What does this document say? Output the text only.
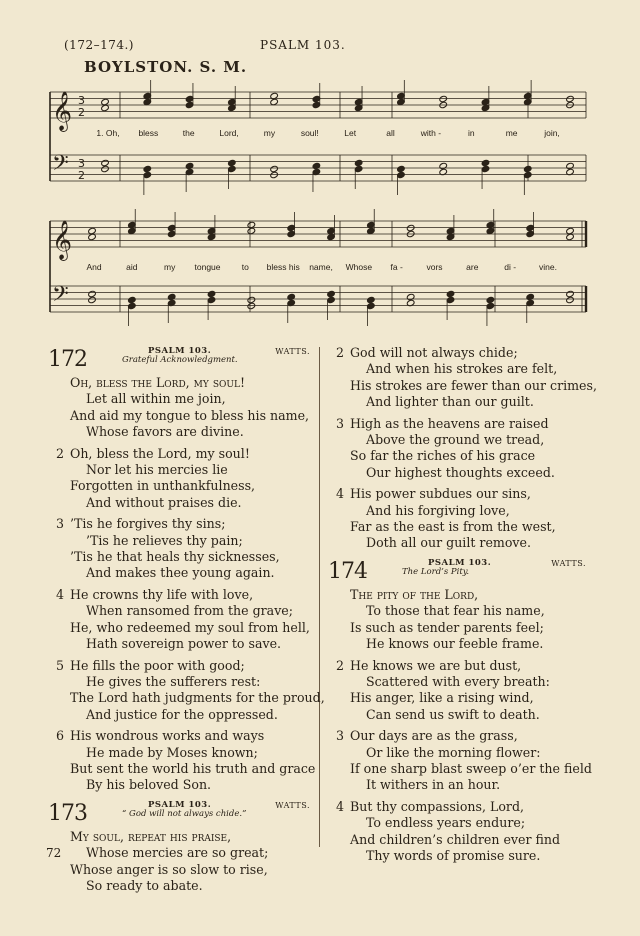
(172–174.)	PSALM 103.
BOYLSTON. S. M.
𝄞
𝄢
3
2
3
2
𝄞
𝄢
1. Oh, bless	the	Lord,	my	soul!	Let	all	with -	in	me	join,
And	aid	my tongue	to bless his name, Whose fa -	vors	are	di -	vine.
172	PSALM 103.
Grateful Acknowledgment.
WATTS.
Oh, bless the Lord, my soul!
Let all within me join,
And aid my tongue to bless his name,
Whose favors are divine.
2 Oh, bless the Lord, my soul!
Nor let his mercies lie
Forgotten in unthankfulness,
And without praises die.
3 ’Tis he forgives thy sins;
’Tis he relieves thy pain;
’Tis he that heals thy sicknesses,
And makes thee young again.
4 He crowns thy life with love,
When ransomed from the grave;
He, who redeemed my soul from hell,
Hath sovereign power to save.
5 He fills the poor with good;
He gives the sufferers rest:
The Lord hath judgments for the proud,
And justice for the oppressed.
6 His wondrous works and ways
He made by Moses known;
But sent the world his truth and grace
By his beloved Son.
173	PSALM 103.
“ God will not always chide.”
WATTS.
My soul, repeat his praise,
Whose mercies are so great;
Whose anger is so slow to rise,
So ready to abate.
2 God will not always chide;
And when his strokes are felt,
His strokes are fewer than our crimes,
And lighter than our guilt.
3 High as the heavens are raised
Above the ground we tread,
So far the riches of his grace
Our highest thoughts exceed.
4 His power subdues our sins,
And his forgiving love,
Far as the east is from the west,
Doth all our guilt remove.
174	PSALM 103.
The Lord’s Pity.
WATTS.
The pity of the Lord,
To those that fear his name,
Is such as tender parents feel;
He knows our feeble frame.
2 He knows we are but dust,
Scattered with every breath:
His anger, like a rising wind,
Can send us swift to death.
3 Our days are as the grass,
Or like the morning flower:
If one sharp blast sweep o’er the field
It withers in an hour.
4 But thy compassions, Lord,
To endless years endure;
And children’s children ever find
Thy words of promise sure.
72
